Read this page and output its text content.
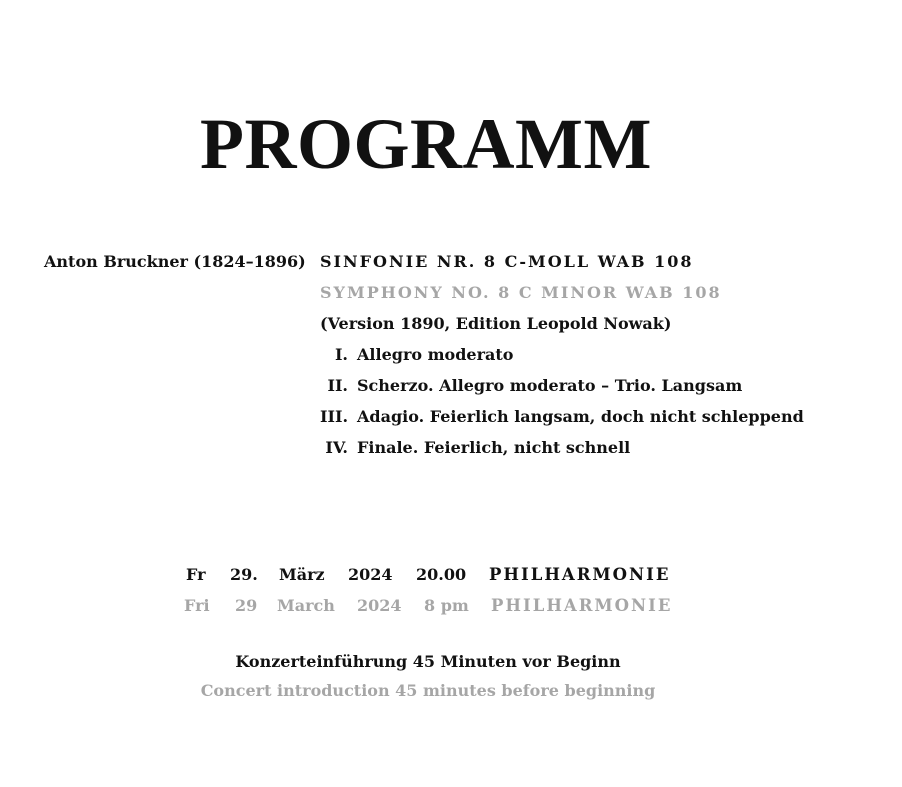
PROGRAMM
Anton Bruckner (1824–1896) SINFONIE NR. 8 C-MOLL WAB 108
SYMPHONY NO. 8 C MINOR WAB 108
(Version 1890, Edition Leopold Nowak)
I. Allegro moderato
II. Scherzo. Allegro moderato – Trio. Langsam
III. Adagio. Feierlich langsam, doch nicht schleppend
IV. Finale. Feierlich, nicht schnell
Fr 29. März 2024 20.00 PHILHARMONIE
Fri 29 March 2024 8 pm PHILHARMONIE
Konzerteinführung 45 Minuten vor Beginn
Concert introduction 45 minutes before beginning
